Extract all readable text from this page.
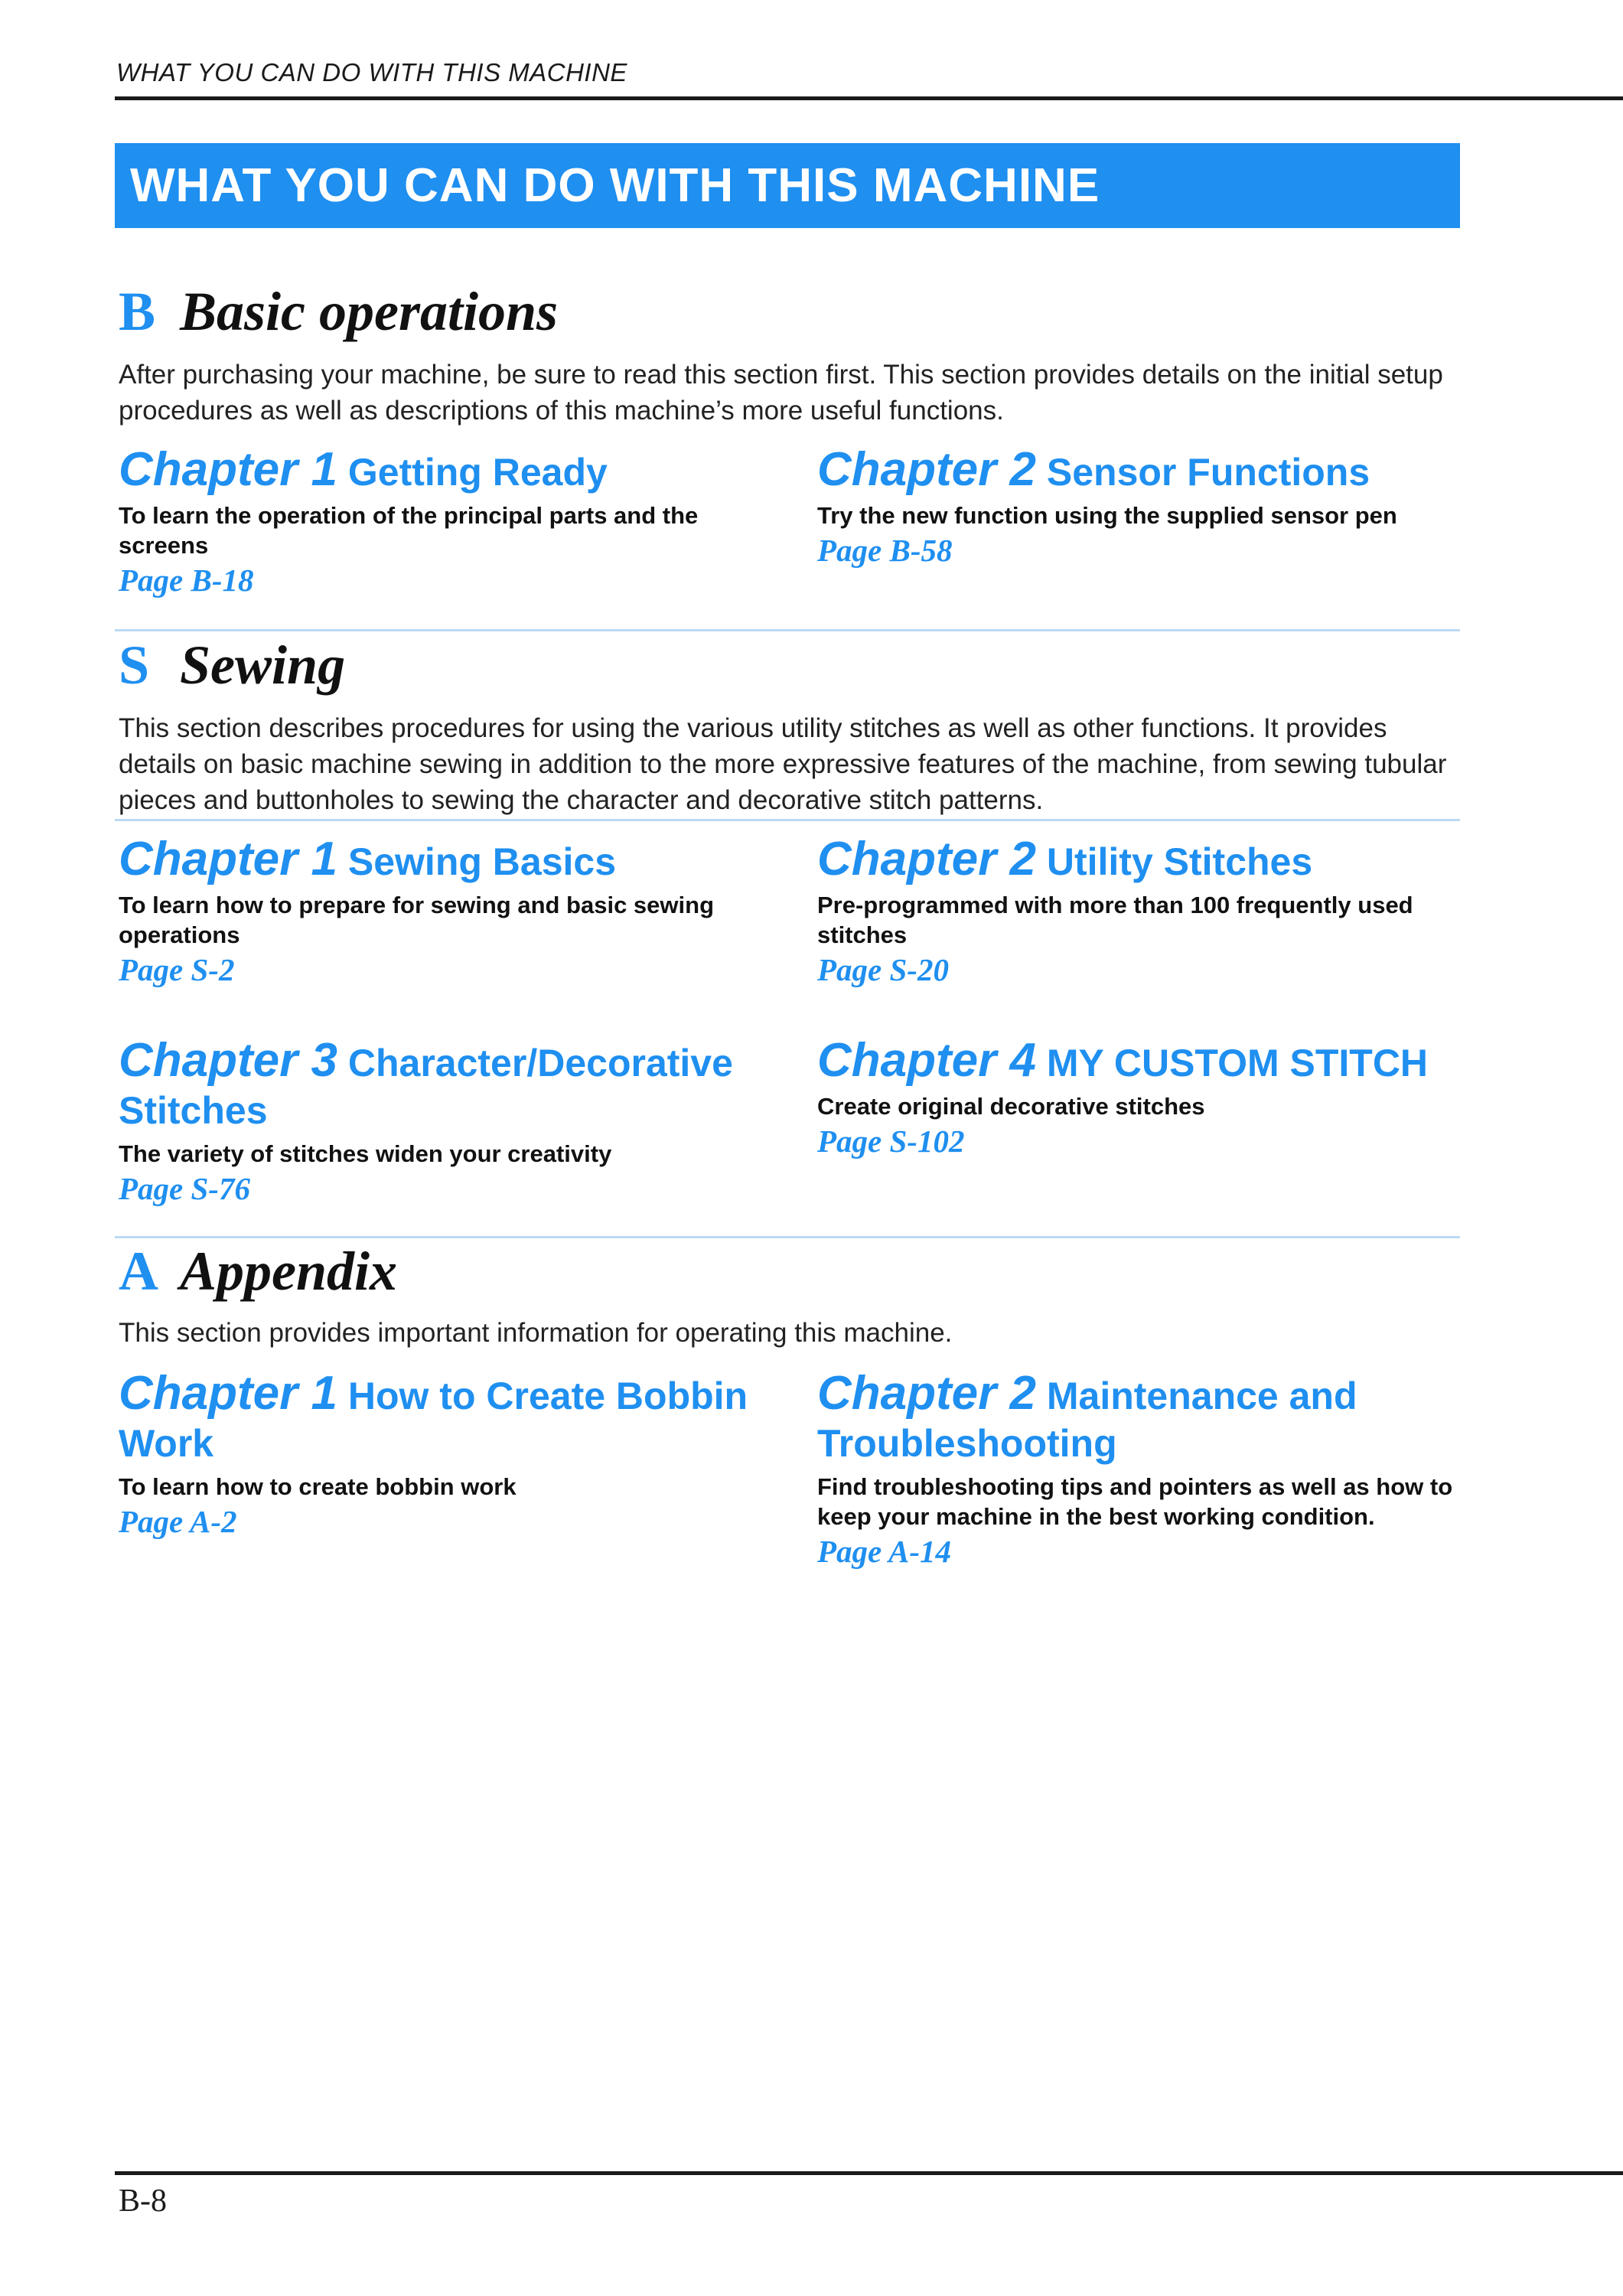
WHAT YOU CAN DO WITH THIS MACHINE
WHAT YOU CAN DO WITH THIS MACHINE
B Basic operations

After purchasing your machine, be sure to read this section first. This section provides details on the initial setup procedures as well as descriptions of this machine’s more useful functions.

Chapter 1 Getting Ready

To learn the operation of the principal parts and the screens

Page B-18
Chapter 2 Sensor Functions

Try the new function using the supplied sensor pen

Page B-58
S Sewing

This section describes procedures for using the various utility stitches as well as other functions. It provides details on basic machine sewing in addition to the more expressive features of the machine, from sewing tubular pieces and buttonholes to sewing the character and decorative stitch patterns.

Chapter 1 Sewing Basics

To learn how to prepare for sewing and basic sewing operations

Page S-2
Chapter 2 Utility Stitches

Pre-programmed with more than 100 frequently used stitches

Page S-20
Chapter 3 Character/Decorative Stitches

The variety of stitches widen your creativity

Page S-76
Chapter 4 MY CUSTOM STITCH

Create original decorative stitches

Page S-102
A Appendix

This section provides important information for operating this machine.

Chapter 1 How to Create Bobbin Work

To learn how to create bobbin work

Page A-2
Chapter 2 Maintenance and Troubleshooting

Find troubleshooting tips and pointers as well as how to keep your machine in the best working condition.

Page A-14
B-8
